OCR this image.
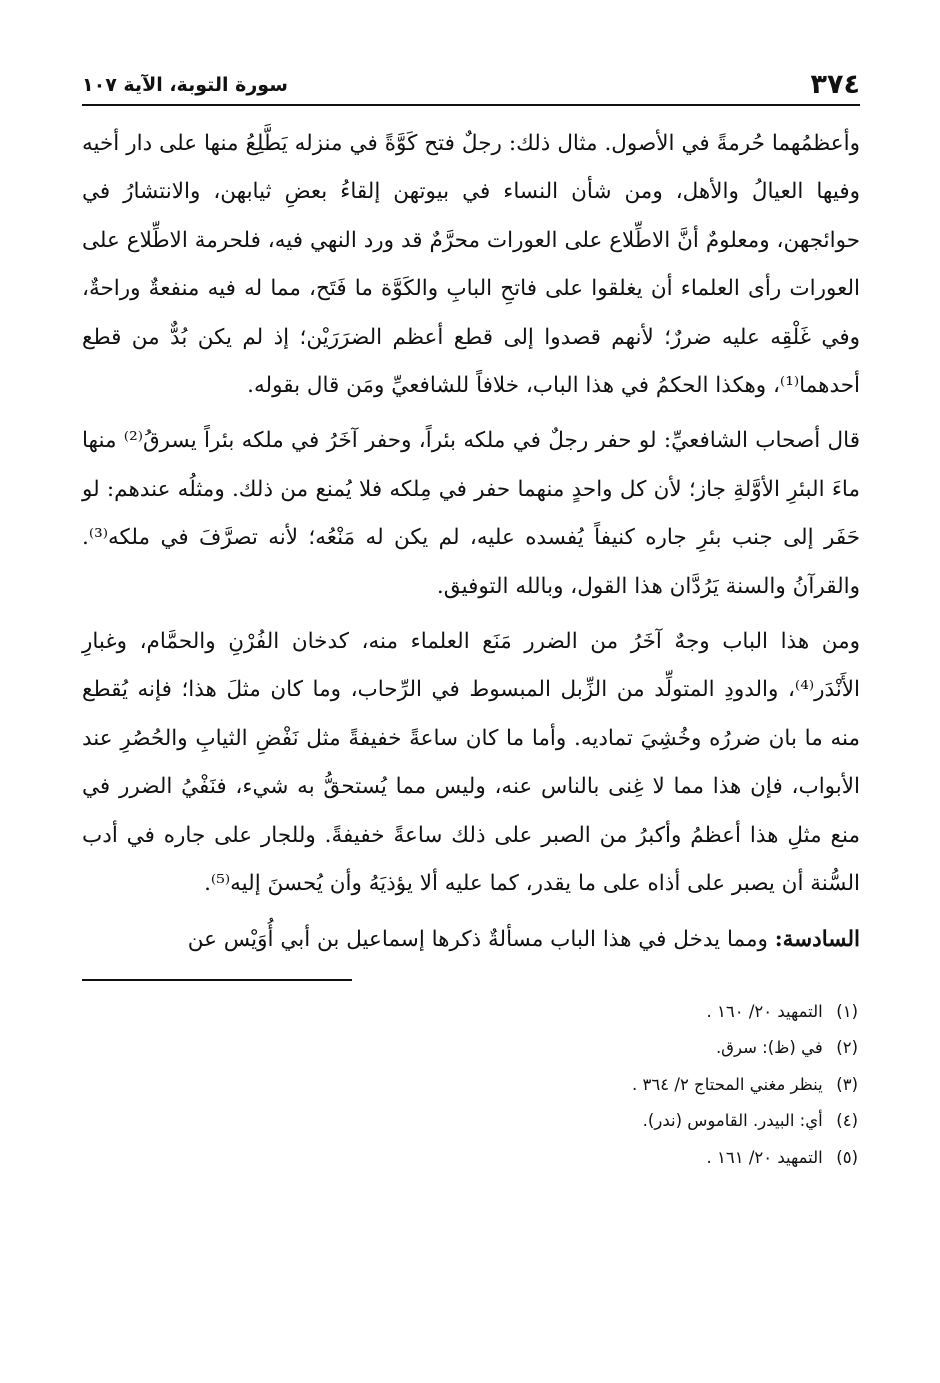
٣٧٤
سورة التوبة، الآية ١٠٧

وأعظمُهما حُرمةً في الأصول. مثال ذلك: رجلٌ فتح كَوَّةً في منزله يَطَّلِعُ منها على دار أخيه وفيها العيالُ والأهل، ومن شأن النساء في بيوتهن إلقاءُ بعضِ ثيابهن، والانتشارُ في حوائجهن، ومعلومٌ أنَّ الاطِّلاع على العورات محرَّمٌ قد ورد النهي فيه، فلحرمة الاطِّلاع على العورات رأى العلماء أن يغلقوا على فاتحِ البابِ والكَوَّة ما فَتَح، مما له فيه منفعةٌ وراحةٌ، وفي غَلْقِه عليه ضررٌ؛ لأنهم قصدوا إلى قطع أعظم الضرَرَيْن؛ إذ لم يكن بُدٌّ من قطع أحدهما⁽¹⁾، وهكذا الحكمُ في هذا الباب، خلافاً للشافعيِّ ومَن قال بقوله.

قال أصحاب الشافعيِّ: لو حفر رجلٌ في ملكه بئراً، وحفر آخَرُ في ملكه بئراً يسرقُ⁽²⁾ منها ماءَ البئرِ الأوَّلةِ جاز؛ لأن كل واحدٍ منهما حفر في مِلكه فلا يُمنع من ذلك. ومثلُه عندهم: لو حَفَر إلى جنب بئرِ جاره كنيفاً يُفسده عليه، لم يكن له مَنْعُه؛ لأنه تصرَّفَ في ملكه⁽³⁾. والقرآنُ والسنة يَرُدَّان هذا القول، وبالله التوفيق.

ومن هذا الباب وجهٌ آخَرُ من الضرر مَنَع العلماء منه، كدخان الفُرْنِ والحمَّام، وغبارِ الأَنْدَر⁽⁴⁾، والدودِ المتولِّد من الزِّبل المبسوط في الرِّحاب، وما كان مثلَ هذا؛ فإنه يُقطع منه ما بان ضررُه وخُشِيَ تماديه. وأما ما كان ساعةً خفيفةً مثل نَفْضِ الثيابِ والحُصُرِ عند الأبواب، فإن هذا مما لا غِنى بالناس عنه، وليس مما يُستحقُّ به شيء، فنَفْيُ الضرر في منع مثلِ هذا أعظمُ وأكبرُ من الصبر على ذلك ساعةً خفيفةً. وللجار على جاره في أدب السُّنة أن يصبر على أذاه على ما يقدر، كما عليه ألا يؤذيَهُ وأن يُحسنَ إليه⁽⁵⁾.

السادسة: ومما يدخل في هذا الباب مسألةٌ ذكرها إسماعيل بن أبي أُوَيْس عن

(١) التمهيد ٢٠/ ١٦٠ .

(٢) في (ظ): سرق.

(٣) ينظر مغني المحتاج ٢/ ٣٦٤ .

(٤) أي: البيدر. القاموس (ندر).

(٥) التمهيد ٢٠/ ١٦١ .
